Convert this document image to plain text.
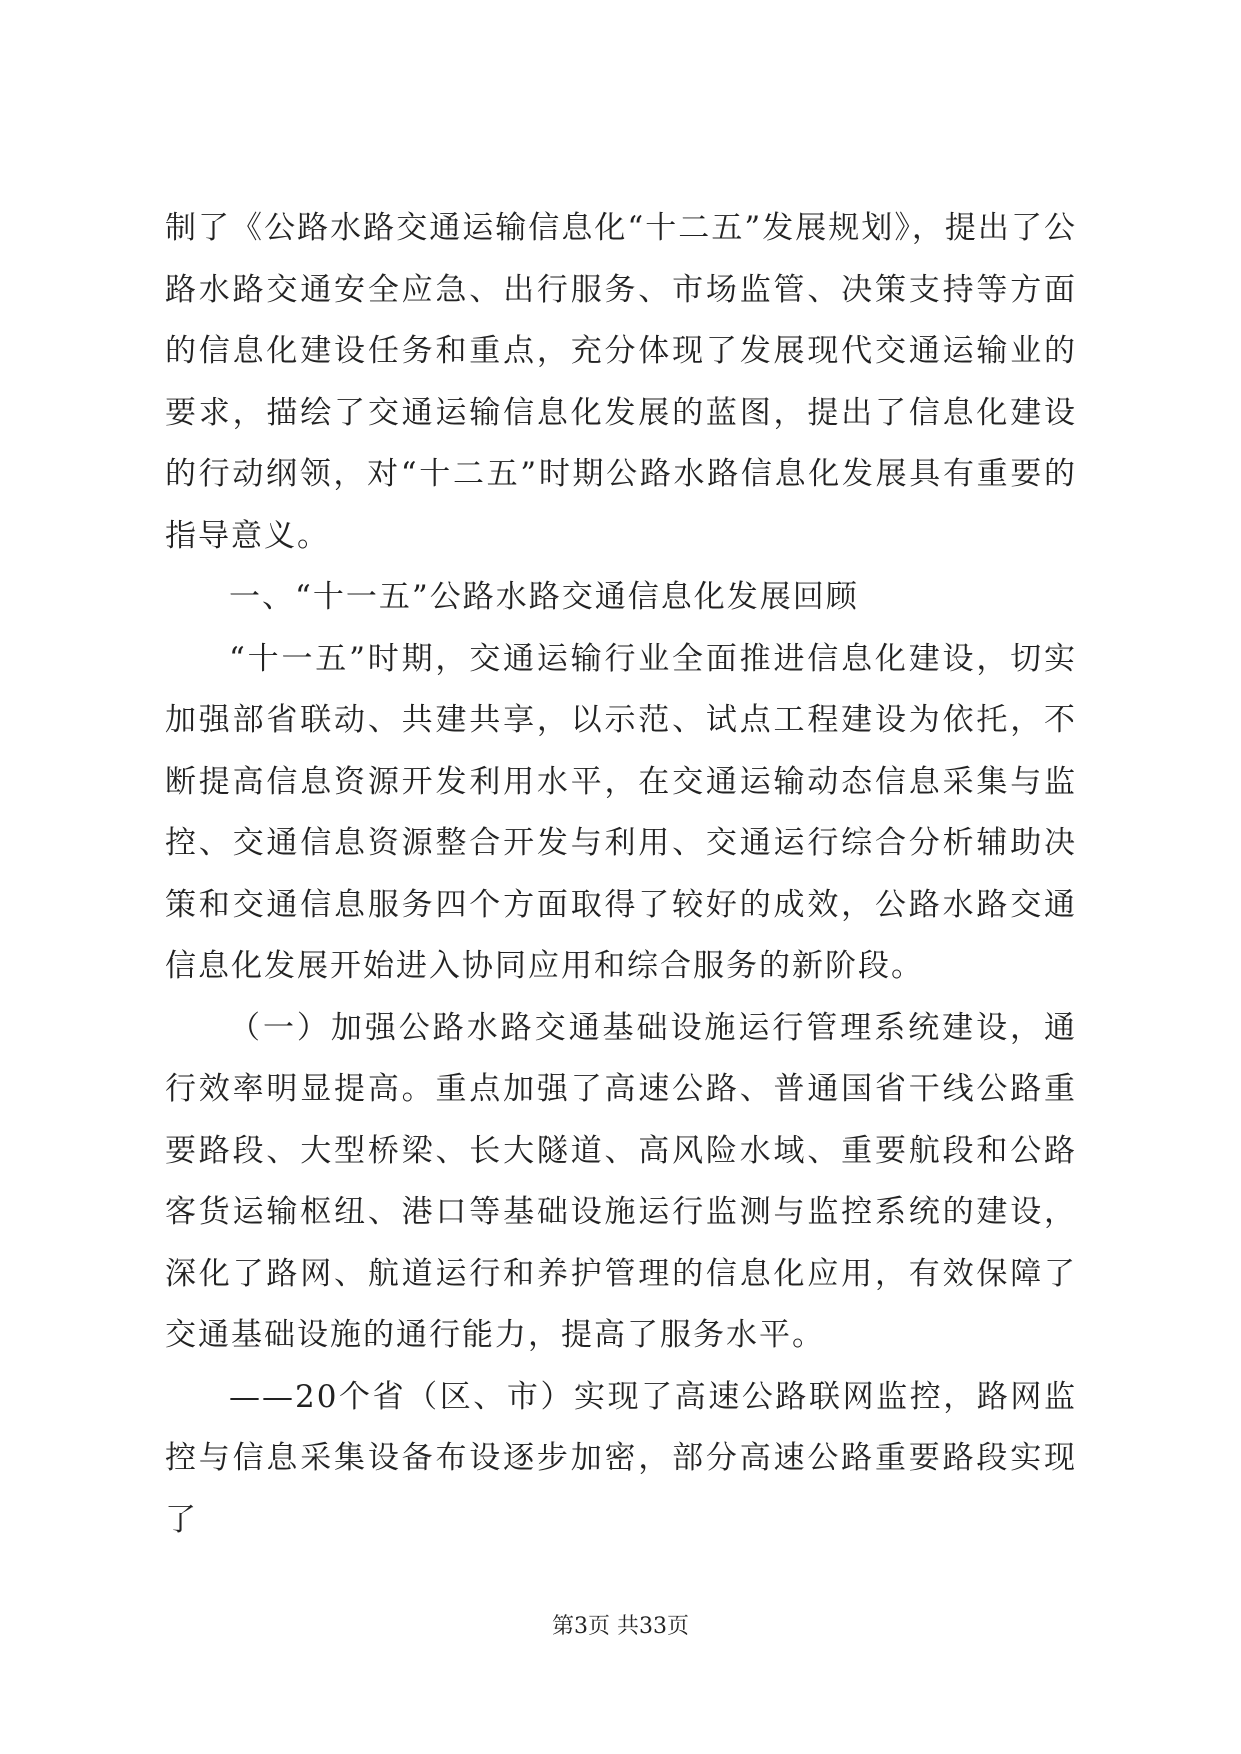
制了《公路水路交通运输信息化“十二五”发展规划》，提出了公路水路交通安全应急、出行服务、市场监管、决策支持等方面的信息化建设任务和重点，充分体现了发展现代交通运输业的要求，描绘了交通运输信息化发展的蓝图，提出了信息化建设的行动纲领，对“十二五”时期公路水路信息化发展具有重要的指导意义。

一、“十一五”公路水路交通信息化发展回顾

“十一五”时期，交通运输行业全面推进信息化建设，切实加强部省联动、共建共享，以示范、试点工程建设为依托，不断提高信息资源开发利用水平，在交通运输动态信息采集与监控、交通信息资源整合开发与利用、交通运行综合分析辅助决策和交通信息服务四个方面取得了较好的成效，公路水路交通信息化发展开始进入协同应用和综合服务的新阶段。

（一）加强公路水路交通基础设施运行管理系统建设，通行效率明显提高。重点加强了高速公路、普通国省干线公路重要路段、大型桥梁、长大隧道、高风险水域、重要航段和公路客货运输枢纽、港口等基础设施运行监测与监控系统的建设，深化了路网、航道运行和养护管理的信息化应用，有效保障了交通基础设施的通行能力，提高了服务水平。

——20个省（区、市）实现了高速公路联网监控，路网监控与信息采集设备布设逐步加密，部分高速公路重要路段实现了

第3页 共33页
